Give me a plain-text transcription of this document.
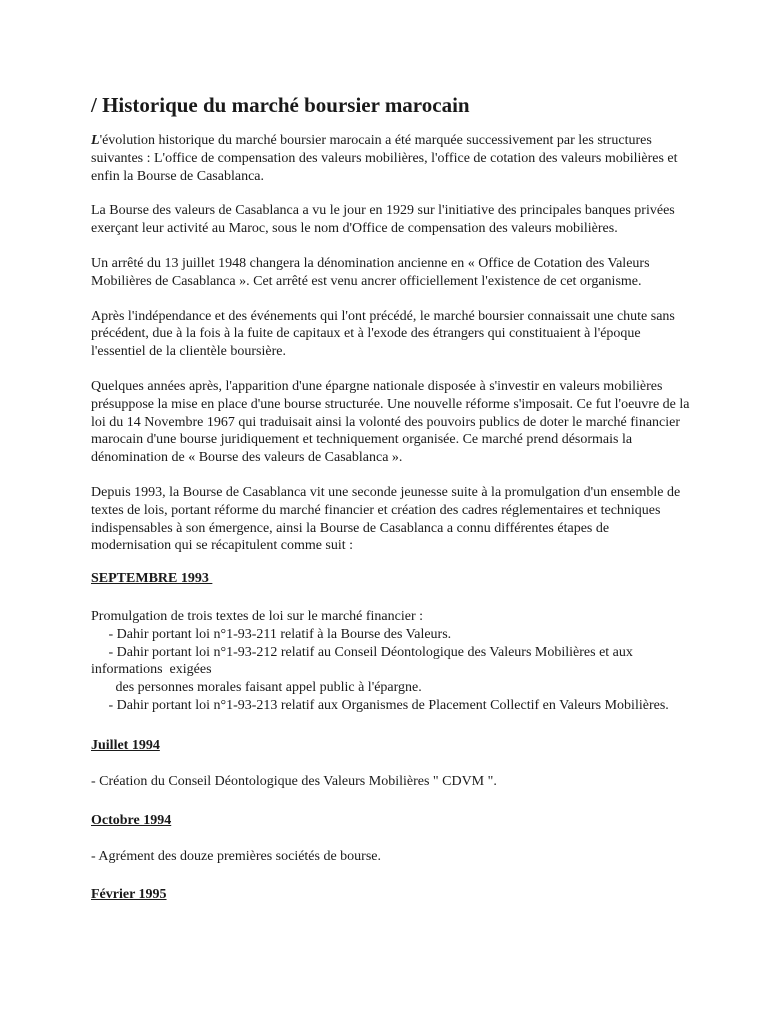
/ Historique du marché boursier marocain

L'évolution historique du marché boursier marocain a été marquée successivement par les structures suivantes : L'office de compensation des valeurs mobilières, l'office de cotation des valeurs mobilières et enfin la Bourse de Casablanca.

La Bourse des valeurs de Casablanca a vu le jour en 1929 sur l'initiative des principales banques privées exerçant leur activité au Maroc, sous le nom d'Office de compensation des valeurs mobilières.

Un arrêté du 13 juillet 1948 changera la dénomination ancienne en « Office de Cotation des Valeurs Mobilières de Casablanca ». Cet arrêté est venu ancrer officiellement l'existence de cet organisme.

Après l'indépendance et des événements qui l'ont précédé, le marché boursier connaissait une chute sans précédent, due à la fois à la fuite de capitaux et à l'exode des étrangers qui constituaient à l'époque l'essentiel de la clientèle boursière.

Quelques années après, l'apparition d'une épargne nationale disposée à s'investir en valeurs mobilières présuppose la mise en place d'une bourse structurée. Une nouvelle réforme s'imposait. Ce fut l'oeuvre de la loi du 14 Novembre 1967 qui traduisait ainsi la volonté des pouvoirs publics de doter le marché financier marocain d'une bourse juridiquement et techniquement organisée. Ce marché prend désormais la dénomination de « Bourse des valeurs de Casablanca ».

Depuis 1993, la Bourse de Casablanca vit une seconde jeunesse suite à la promulgation d'un ensemble de textes de lois, portant réforme du marché financier et création des cadres réglementaires et techniques indispensables à son émergence, ainsi la Bourse de Casablanca a connu différentes étapes de modernisation qui se récapitulent comme suit :

SEPTEMBRE 1993

Promulgation de trois textes de loi sur le marché financier :

- Dahir portant loi n°1-93-211 relatif à la Bourse des Valeurs.

- Dahir portant loi n°1-93-212 relatif au Conseil Déontologique des Valeurs Mobilières et aux informations  exigées

des personnes morales faisant appel public à l'épargne.

- Dahir portant loi n°1-93-213 relatif aux Organismes de Placement Collectif en Valeurs Mobilières.

Juillet 1994

- Création du Conseil Déontologique des Valeurs Mobilières " CDVM ".

Octobre 1994

- Agrément des douze premières sociétés de bourse.

Février 1995
